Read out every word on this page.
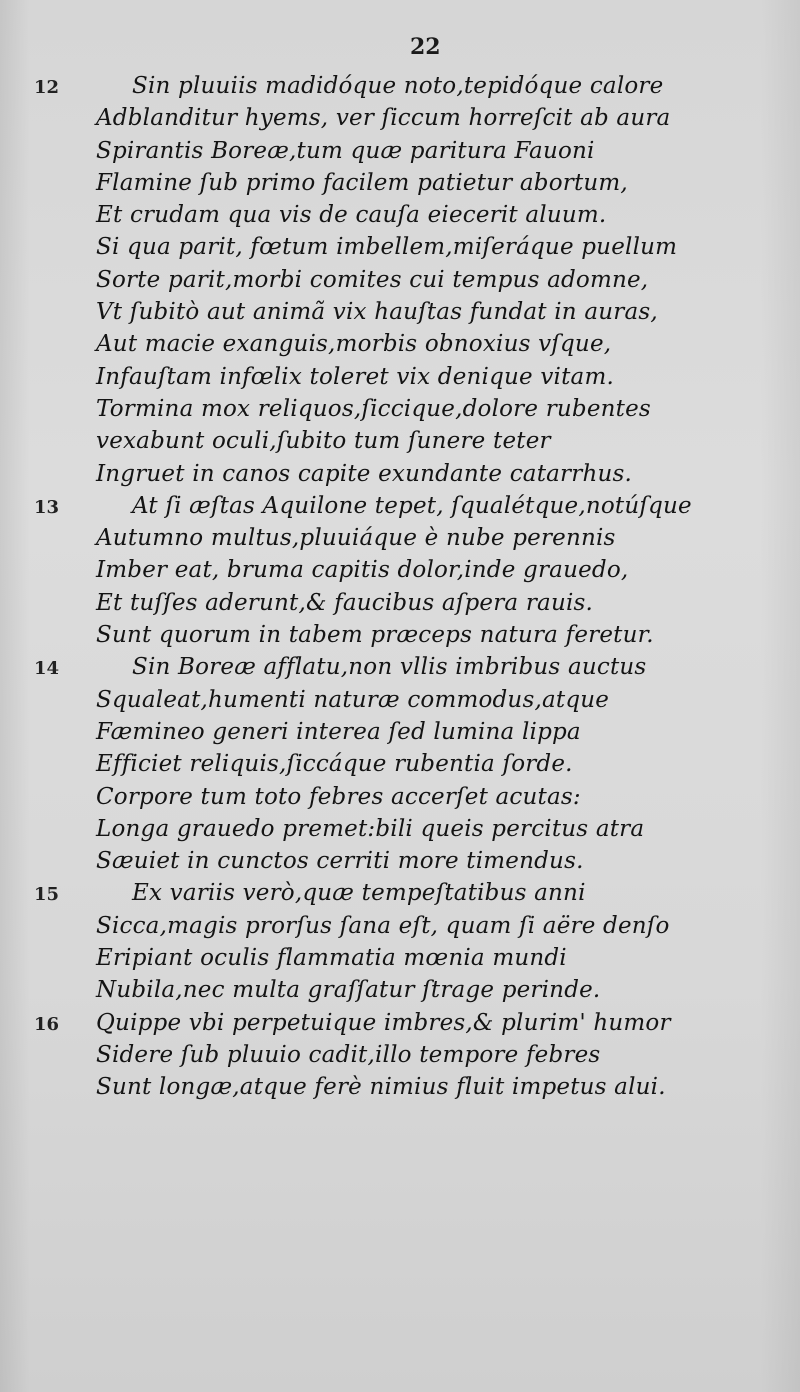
22
12	Sin pluuiis madidóque noto,tepidóque calore
Adblanditur hyems, ver ſiccum horreſcit ab aura
Spirantis Boreæ,tum quæ paritura Fauoni
Flamine ſub primo facilem patietur abortum,
Et crudam qua vis de cauſa eiecerit aluum.
Si qua parit, fœtum imbellem,miſeráque puellum
Sorte parit,morbi comites cui tempus adomne,
Vt ſubitò aut animã vix hauſtas fundat in auras,
Aut macie exanguis,morbis obnoxius vſque,
Infauſtam infœlix toleret vix denique vitam.
Tormina mox reliquos,ſiccique,dolore rubentes
vexabunt oculi,ſubito tum ſunere teter
Ingruet in canos capite exundante catarrhus.
13	At ſi æſtas Aquilone tepet, ſqualétque,notúſque
Autumno multus,pluuiáque è nube perennis
Imber eat, bruma capitis dolor,inde grauedo,
Et tuſſes aderunt,& faucibus aſpera rauis.
Sunt quorum in tabem præceps natura feretur.
14	Sin Boreæ afflatu,non vllis imbribus auctus
Squaleat,humenti naturæ commodus,atque
Fæmineo generi interea ſed lumina lippa
Efficiet reliquis,ſiccáque rubentia ſorde.
Corpore tum toto febres accerſet acutas:
Longa grauedo premet:bili queis percitus atra
Sæuiet in cunctos cerriti more timendus.
15	Ex variis verò,quæ tempeſtatibus anni
Sicca,magis prorſus ſana eſt, quam ſi aëre denſo
Eripiant oculis flammatia mœnia mundi
Nubila,nec multa graſſatur ſtrage perinde.
16 Quippe vbi perpetuique imbres,& plurim' humor
Sidere ſub pluuio cadit,illo tempore febres
Sunt longæ,atque ferè nimius fluit impetus alui.
